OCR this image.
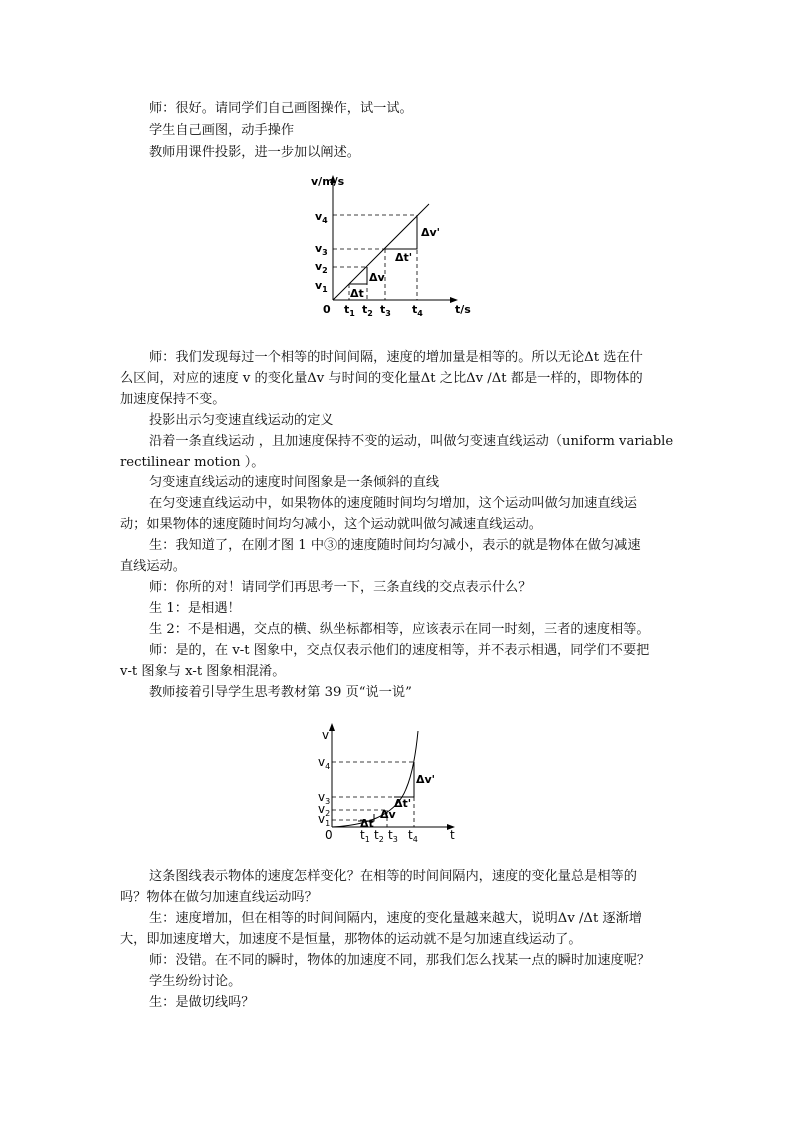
师：很好。请同学们自己画图操作，试一试。
学生自己画图，动手操作
教师用课件投影，进一步加以阐述。
v/m/s
t/s
0
$v_4$
$v_3$
$v_2$
$v_1$
$t_1$ $t_2$ $t_3$ $t_4$
Δt
Δv
Δt'
Δv'
师：我们发现每过一个相等的时间间隔，速度的增加量是相等的。所以无论Δt 选在什
么区间，对应的速度 v 的变化量Δv 与时间的变化量Δt 之比Δv /Δt 都是一样的，即物体的
加速度保持不变。
投影出示匀变速直线运动的定义
沿着一条直线运动 ，且加速度保持不变的运动，叫做匀变速直线运动（uniform variable
rectilinear motion ）。
匀变速直线运动的速度时间图象是一条倾斜的直线
在匀变速直线运动中，如果物体的速度随时间均匀增加，这个运动叫做匀加速直线运
动；如果物体的速度随时间均匀减小，这个运动就叫做匀减速直线运动。
生：我知道了，在刚才图 1 中③的速度随时间均匀减小，表示的就是物体在做匀减速
直线运动。
师：你所的对！请同学们再思考一下，三条直线的交点表示什么？
生 1：是相遇！
生 2：不是相遇，交点的横、纵坐标都相等，应该表示在同一时刻，三者的速度相等。
师：是的，在 v-t 图象中，交点仅表示他们的速度相等，并不表示相遇，同学们不要把
v-t 图象与 x-t 图象相混淆。
教师接着引导学生思考教材第 39 页“说一说”
v
t
0
$v_4$
$v_3$
$v_2$
$v_1$
$t_1$ $t_2$ $t_3$ $t_4$
Δt
Δv
Δt'
Δv'
这条图线表示物体的速度怎样变化？在相等的时间间隔内，速度的变化量总是相等的
吗？物体在做匀加速直线运动吗？
生：速度增加，但在相等的时间间隔内，速度的变化量越来越大，说明Δv /Δt 逐渐增
大，即加速度增大，加速度不是恒量，那物体的运动就不是匀加速直线运动了。
师：没错。在不同的瞬时，物体的加速度不同，那我们怎么找某一点的瞬时加速度呢？
学生纷纷讨论。
生：是做切线吗？
